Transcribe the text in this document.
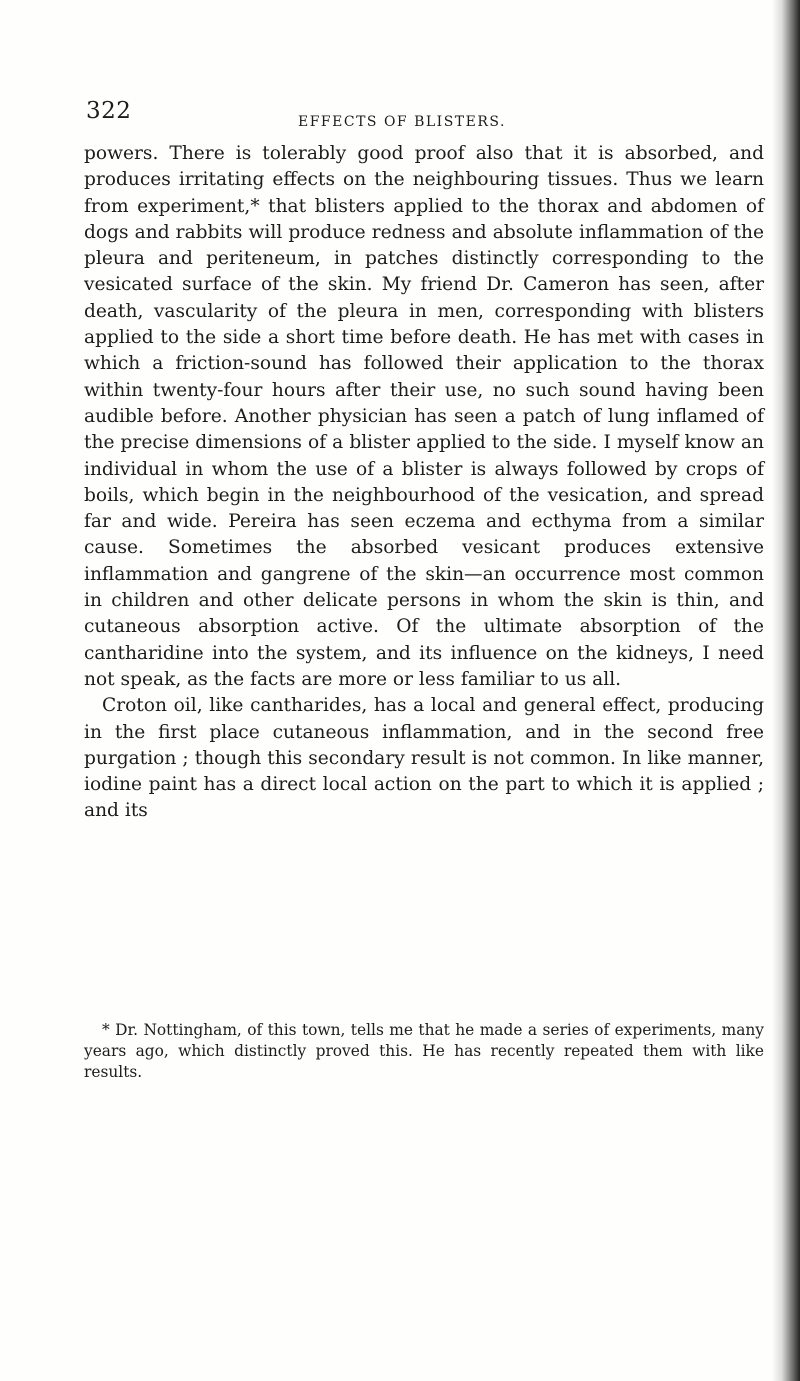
322	EFFECTS OF BLISTERS.

powers. There is tolerably good proof also that it is absorbed, and produces irritating effects on the neighbouring tissues. Thus we learn from experiment,* that blisters applied to the thorax and abdomen of dogs and rabbits will produce redness and absolute inflammation of the pleura and periteneum, in patches distinctly corresponding to the vesicated surface of the skin. My friend Dr. Cameron has seen, after death, vascularity of the pleura in men, corresponding with blisters applied to the side a short time before death. He has met with cases in which a friction-sound has followed their application to the thorax within twenty-four hours after their use, no such sound having been audible before. Another physician has seen a patch of lung inflamed of the precise dimensions of a blister applied to the side. I myself know an individual in whom the use of a blister is always followed by crops of boils, which begin in the neighbourhood of the vesication, and spread far and wide. Pereira has seen eczema and ecthyma from a similar cause. Sometimes the absorbed vesicant produces extensive inflammation and gangrene of the skin—an occurrence most common in children and other delicate persons in whom the skin is thin, and cutaneous absorption active. Of the ultimate absorption of the cantharidine into the system, and its influence on the kidneys, I need not speak, as the facts are more or less familiar to us all.

Croton oil, like cantharides, has a local and general effect, producing in the first place cutaneous inflammation, and in the second free purgation ; though this secondary result is not common. In like manner, iodine paint has a direct local action on the part to which it is applied ; and its

* Dr. Nottingham, of this town, tells me that he made a series of experiments, many years ago, which distinctly proved this. He has recently repeated them with like results.
